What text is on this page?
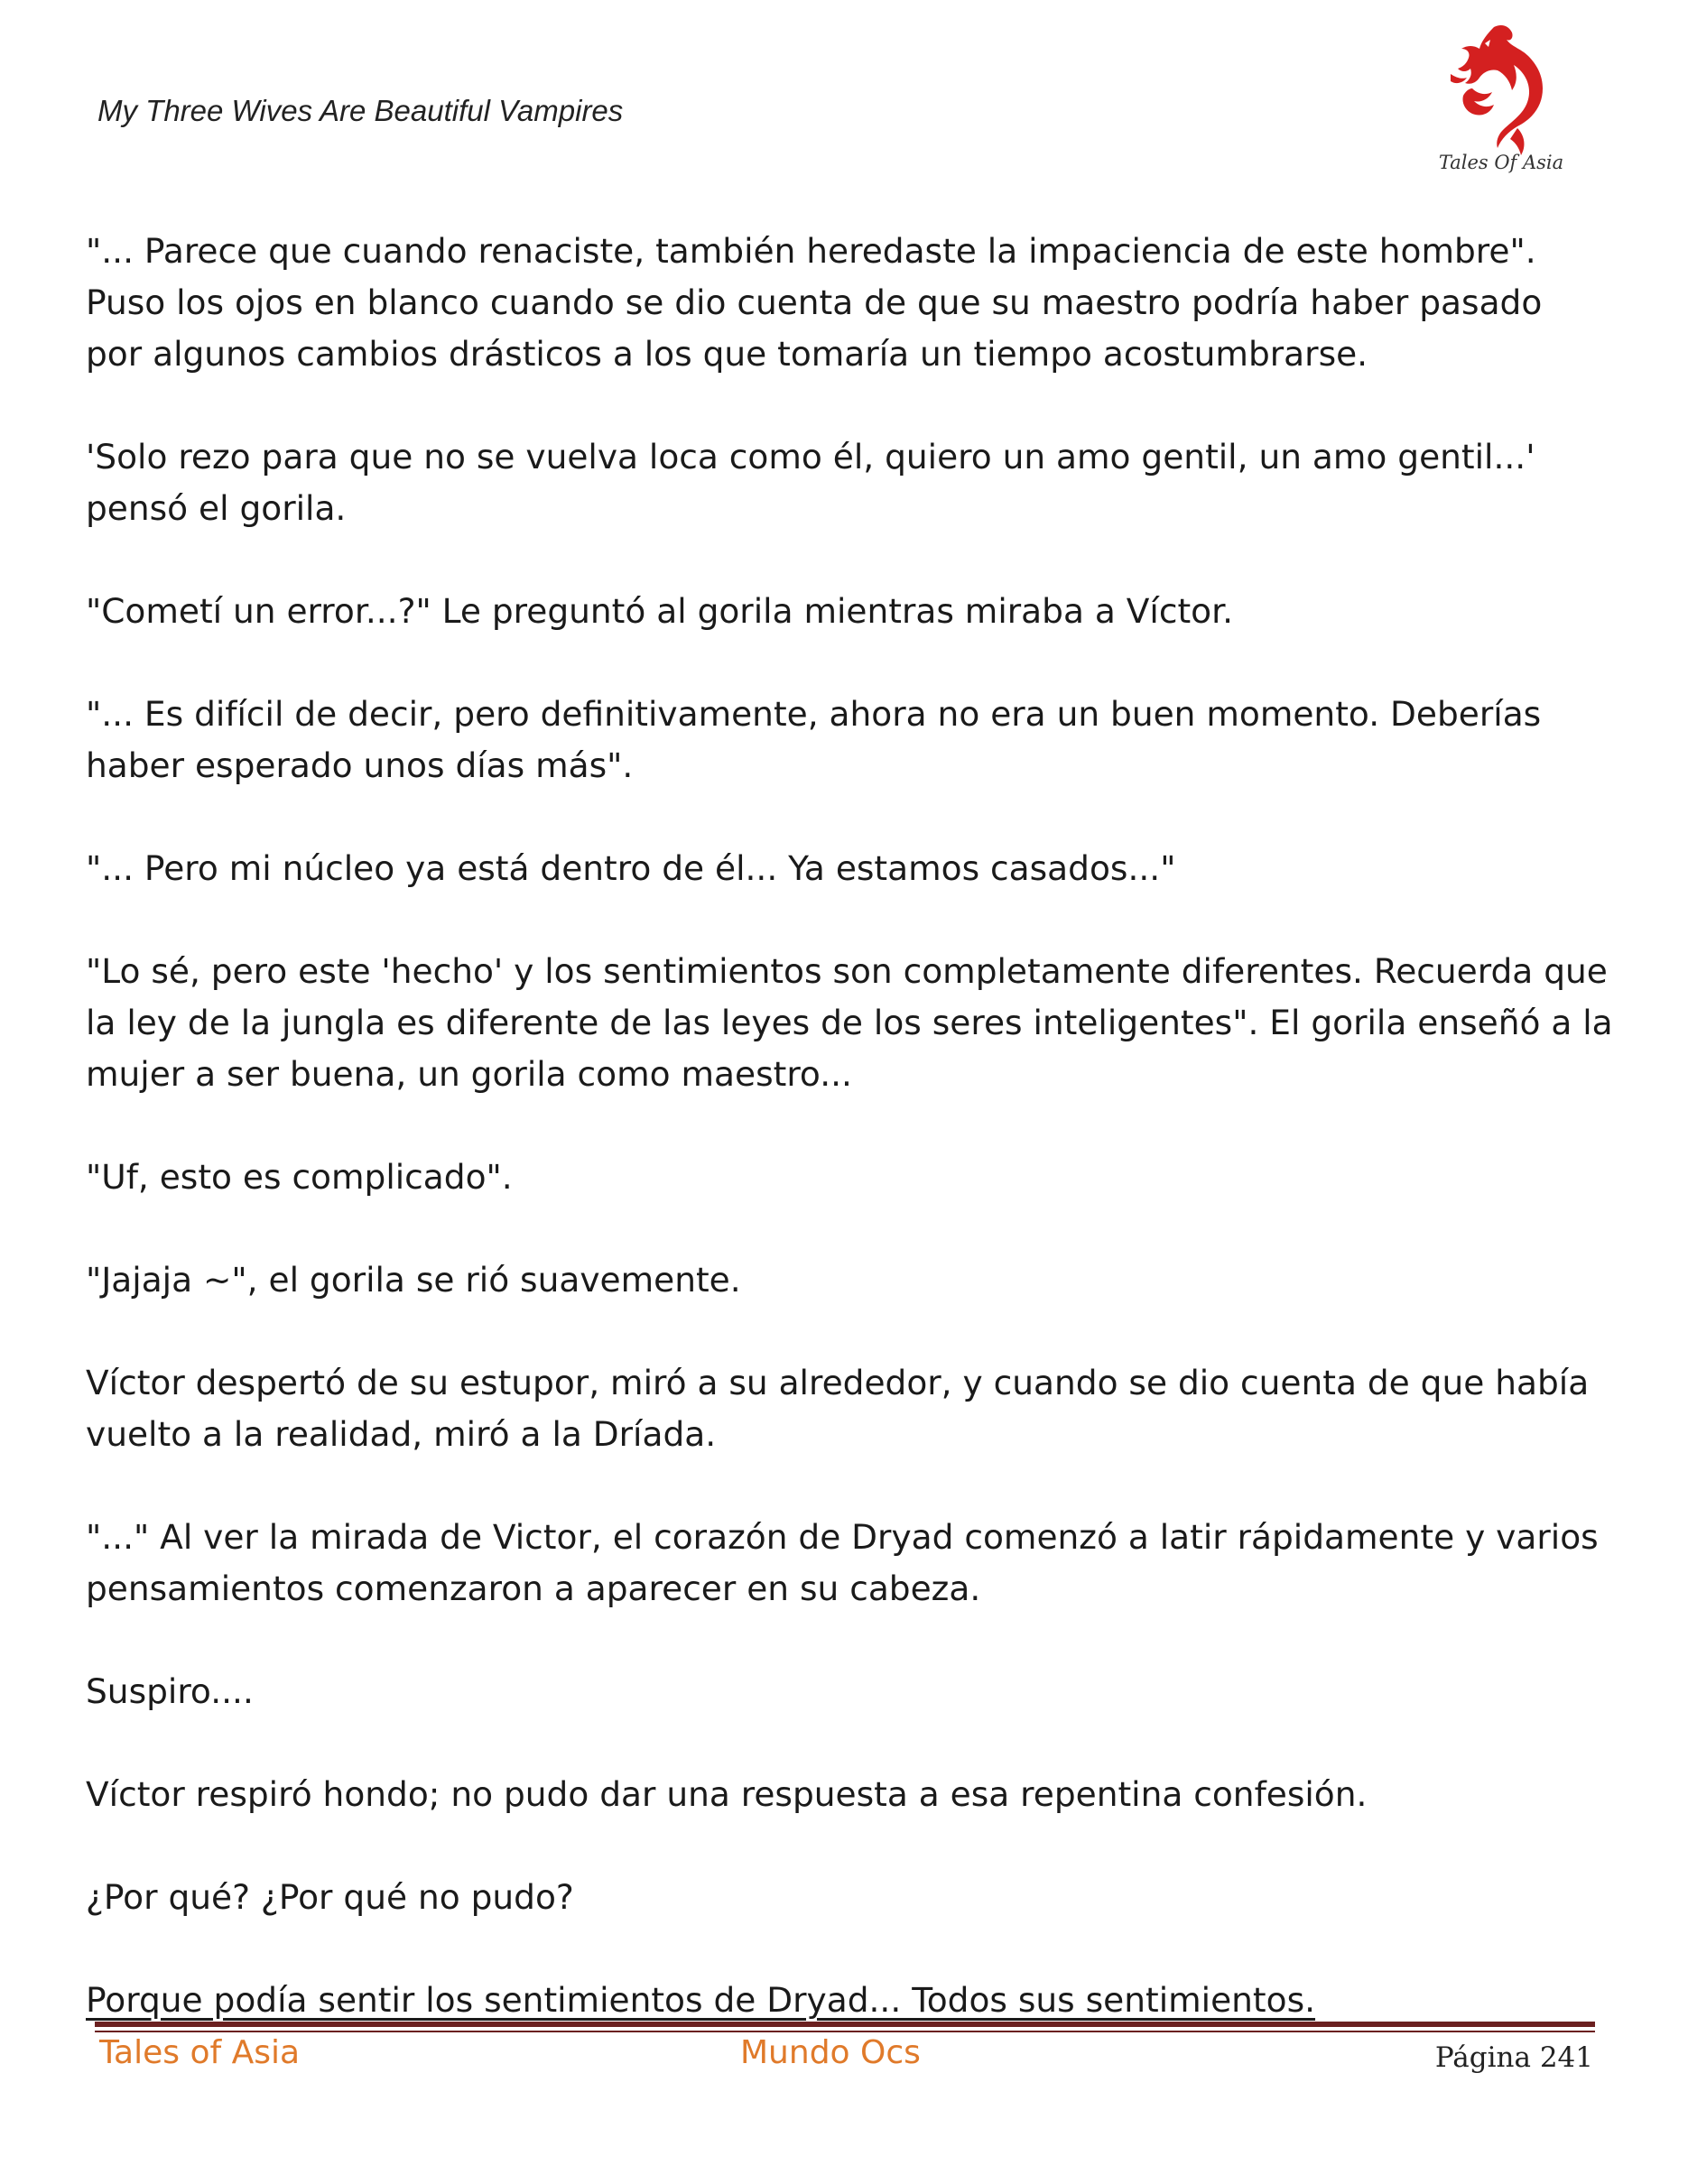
My Three Wives Are Beautiful Vampires
Tales Of Asia

"... Parece que cuando renaciste, también heredaste la impaciencia de este hombre".
Puso los ojos en blanco cuando se dio cuenta de que su maestro podría haber pasado
por algunos cambios drásticos a los que tomaría un tiempo acostumbrarse.

'Solo rezo para que no se vuelva loca como él, quiero un amo gentil, un amo gentil...'
pensó el gorila.

"Cometí un error...?" Le preguntó al gorila mientras miraba a Víctor.

"... Es difícil de decir, pero definitivamente, ahora no era un buen momento. Deberías
haber esperado unos días más".

"... Pero mi núcleo ya está dentro de él... Ya estamos casados..."

"Lo sé, pero este 'hecho' y los sentimientos son completamente diferentes. Recuerda que
la ley de la jungla es diferente de las leyes de los seres inteligentes". El gorila enseñó a la
mujer a ser buena, un gorila como maestro...

"Uf, esto es complicado".

"Jajaja ~", el gorila se rió suavemente.

Víctor despertó de su estupor, miró a su alrededor, y cuando se dio cuenta de que había
vuelto a la realidad, miró a la Dríada.

"..." Al ver la mirada de Victor, el corazón de Dryad comenzó a latir rápidamente y varios
pensamientos comenzaron a aparecer en su cabeza.

Suspiro....

Víctor respiró hondo; no pudo dar una respuesta a esa repentina confesión.

¿Por qué? ¿Por qué no pudo?

Porque podía sentir los sentimientos de Dryad... Todos sus sentimientos.

Tales of Asia	Mundo Ocs	Página 241
